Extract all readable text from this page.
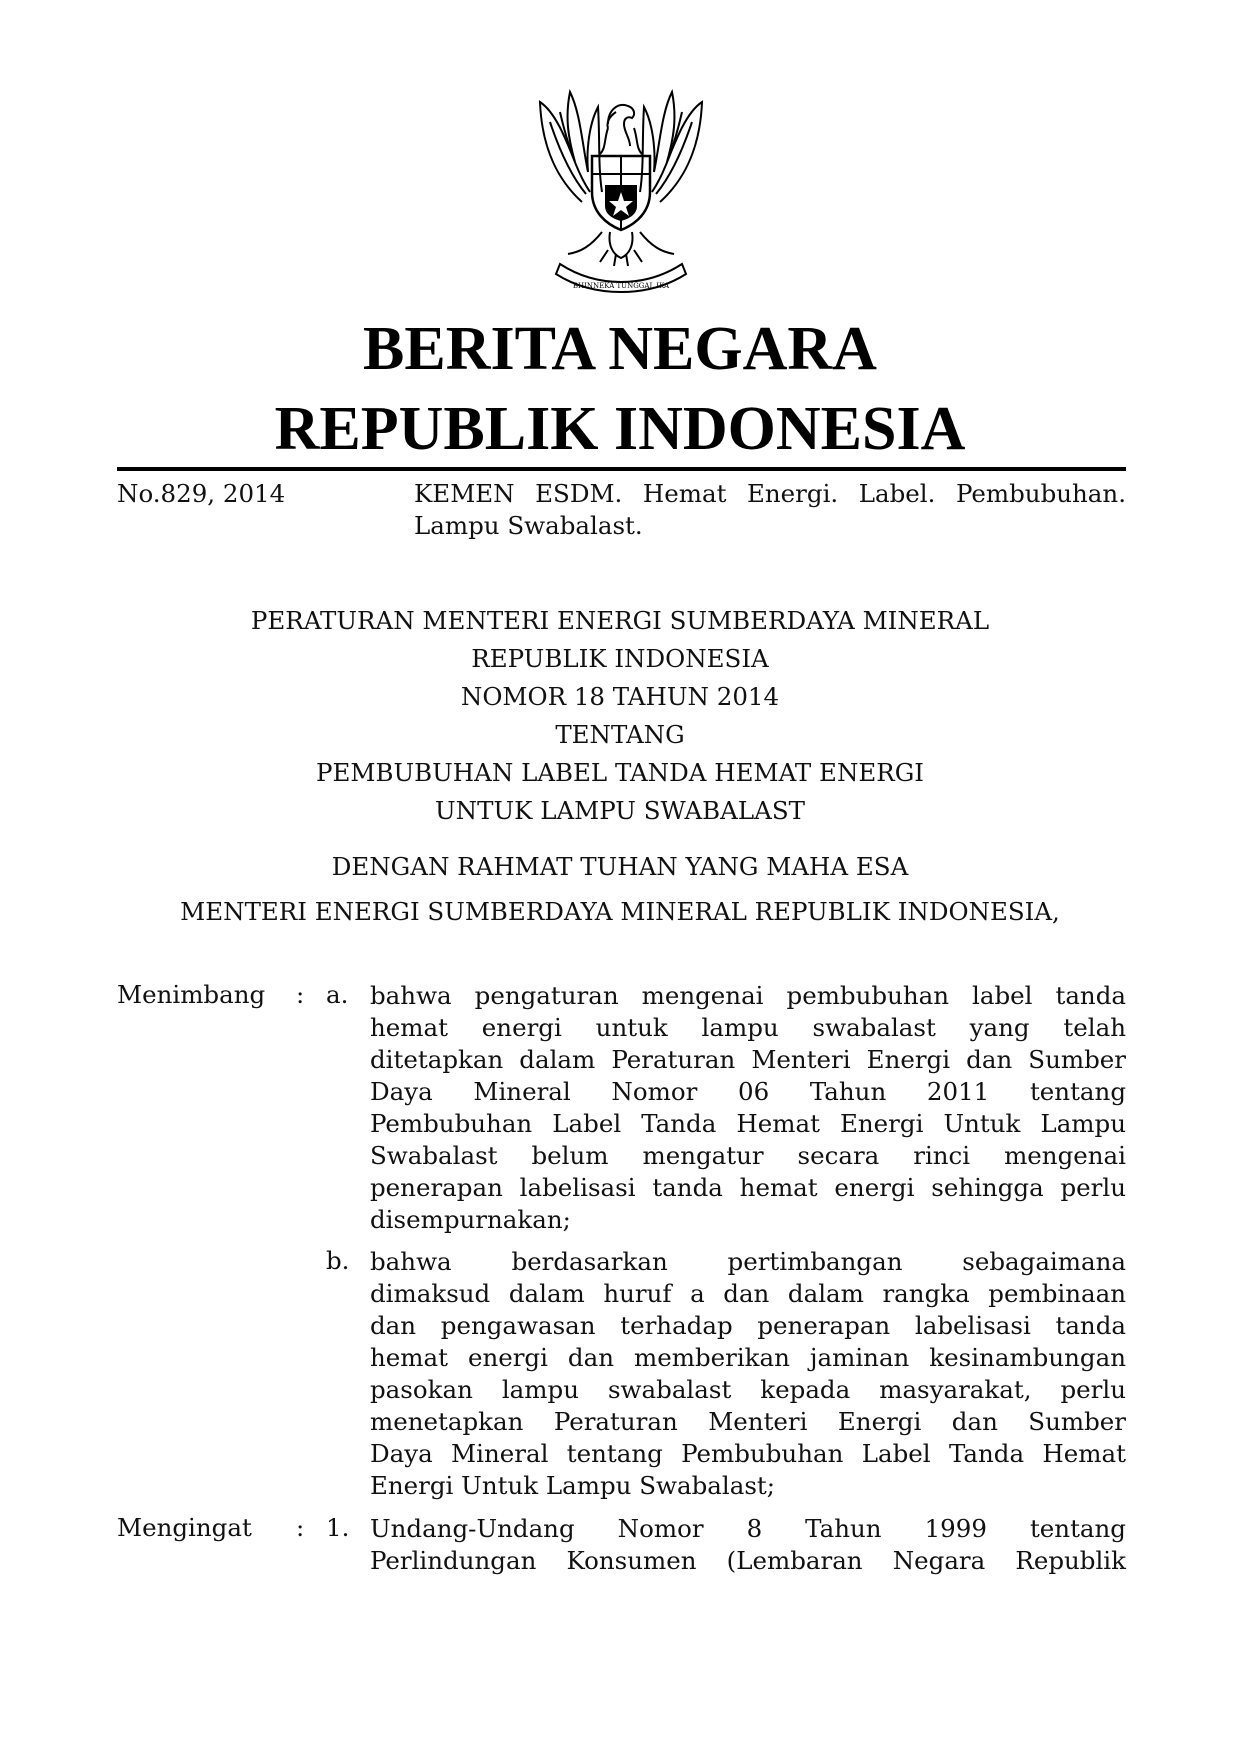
BHINNEKA TUNGGAL IKA
BERITA NEGARA
REPUBLIK INDONESIA
No.829, 2014	KEMEN ESDM. Hemat Energi. Label. Pembubuhan.
Lampu Swabalast.
PERATURAN MENTERI ENERGI SUMBERDAYA MINERAL
REPUBLIK INDONESIA
NOMOR 18 TAHUN 2014
TENTANG
PEMBUBUHAN LABEL TANDA HEMAT ENERGI
UNTUK LAMPU SWABALAST
DENGAN RAHMAT TUHAN YANG MAHA ESA
MENTERI ENERGI SUMBERDAYA MINERAL REPUBLIK INDONESIA,
Menimbang : a. bahwa pengaturan mengenai pembubuhan label tanda
hemat energi untuk lampu swabalast yang telah
ditetapkan dalam Peraturan Menteri Energi dan Sumber
Daya Mineral Nomor 06 Tahun 2011 tentang
Pembubuhan Label Tanda Hemat Energi Untuk Lampu
Swabalast belum mengatur secara rinci mengenai
penerapan labelisasi tanda hemat energi sehingga perlu
disempurnakan;
b. bahwa berdasarkan pertimbangan sebagaimana
dimaksud dalam huruf a dan dalam rangka pembinaan
dan pengawasan terhadap penerapan labelisasi tanda
hemat energi dan memberikan jaminan kesinambungan
pasokan lampu swabalast kepada masyarakat, perlu
menetapkan Peraturan Menteri Energi dan Sumber
Daya Mineral tentang Pembubuhan Label Tanda Hemat
Energi Untuk Lampu Swabalast;
Mengingat : 1. Undang-Undang Nomor 8 Tahun 1999 tentang
Perlindungan Konsumen (Lembaran Negara Republik
